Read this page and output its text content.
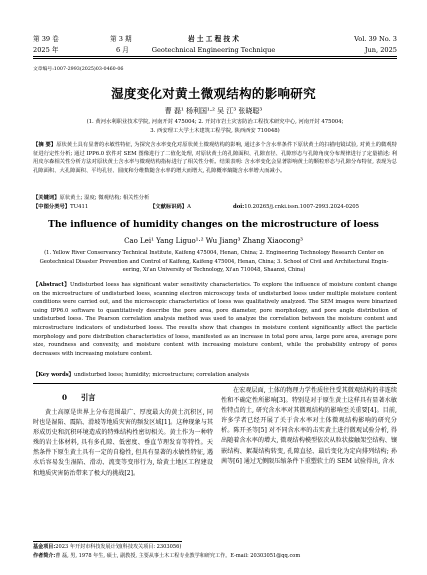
第 39 卷	第 3 期	岩 土 工 程 技 术	Vol. 39 No. 3
2025 年	6 月	Geotechnical Engineering Technique	Jun, 2025
文章编号:1007-2993(2025)03-0460-06
湿度变化对黄土微观结构的影响研究
曹 磊¹ 杨利国¹·² 吴 江³ 张晓聪³
(1. 黄河水利职业技术学院, 河南开封 475004; 2. 开封市岩土灾害防治工程技术研究中心, 河南开封 475004;
3. 西安理工大学土木建筑工程学院, 陕西西安 710048)
【摘 要】原状黄土具有显著的水敏性特征, 为探究含水率变化对原状黄土微观结构的影响, 通过多个含水率条件下原状黄土的扫描电镜试验, 对黄土的微观特征进行定性分析; 通过 IPP6.0 软件对 SEM 图像进行了二值化处理, 对原状黄土的孔隙面积、孔隙直径、孔隙形态与孔隙角度分布规律进行了定量描述; 利用皮尔森相关性分析方法对原状黄土含水率与微观结构指标进行了相关性分析。结果表明: 含水率变化会显著影响黄土的颗粒形态与孔隙分布特征, 表现为总孔隙面积、大孔隙面积、平均孔径、圆度和分维数随含水率的增大而增大, 孔隙概率熵随含水率增大而减小。
【关键词】原状黄土; 湿度; 微观结构; 相关性分析
【中图分类号】TU411	【文献标识码】A	doi:10.20265/j.cnki.issn.1007-2993.2024-0205
The influence of humidity changes on the microstructure of loess
Cao Lei¹ Yang Liguo¹·² Wu Jiang³ Zhang Xiaocong³
(1. Yellow River Conservancy Technical Institute, Kaifeng 475004, Henan, China; 2. Engineering Technology Research Center on
Geotechnical Disaster Prevention and Control of Kaifeng, Kaifeng 475004, Henan, China; 3. School of Civil and Architectural Engin-
eering, Xi'an University of Technology, Xi'an 710048, Shaanxi, China)
【Abstract】Undisturbed loess has significant water sensitivity characteristics. To explore the influence of moisture content change on the microstructure of undisturbed loess, scanning electron microscopy tests of undisturbed loess under multiple moisture content conditions were carried out, and the microscopic characteristics of loess was qualitatively analyzed. The SEM images were binarized using IPP6.0 software to quantitatively describe the pore area, pore diameter, pore morphology, and pore angle distribution of undisturbed loess. The Pearson correlation analysis method was used to analyze the correlation between the moisture content and microstructure indicators of undisturbed loess. The results show that changes in moisture content significantly affect the particle morphology and pore distribution characteristics of loess, manifested as an increase in total pore area, large pore area, average pore size, roundness and convexity, and moisture content with increasing moisture content, while the probability entropy of pores decreases with increasing moisture content.
【Key words】undisturbed loess; humidity; microstructure; correlation analysis
0 引言

黄土高原是世界上分布范围最广、厚度最大的黄土沉积区, 同时也是湿陷、震陷、滑坡等地质灾害的频发区域[1]。这种现象与其形成历史和沉积环境造成的特殊结构性密切相关。黄土作为一种特殊的岩土体材料, 具有多孔隙、低密度、垂直节理发育等特性。天然条件下原生黄土具有一定的自稳性, 但具有显著的水敏性特征, 遇水后容易发生湿陷、滑动、流变等变形行为, 给黄土地区工程建设和地质灾害防治带来了极大的挑战[2]。

在宏观层面, 土体的物理力学性质往往受其微观结构的非连续性和不确定性所影响[3]。特别是对于原生黄土这样具有显著水敏性特点的土, 研究含水率对其微观结构的影响至关重要[4]。目前, 许多学者已经开展了关于含水率对土体微观结构影响的研究分析。陈开圣等[5] 对不同含水率的击实黄土进行微观试验分析, 得出随着含水率的增大, 微观结构模型依次从粒状接触架空结构、镶嵌结构、絮凝结构转变, 孔隙直径、最后变化为定向排列结构; 孙 茜等[6] 通过无侧限压缩条件下重塑软土的 SEM 试验得出, 含水

基金项目:2023 年开封市科技发展计划(科技攻关项目: 2303056)
作者简介:曹 磊, 男, 1978 年生, 硕士, 副教授, 主要从事土木工程专业教学和研究工作。E-mail: 20303051@qq.com
